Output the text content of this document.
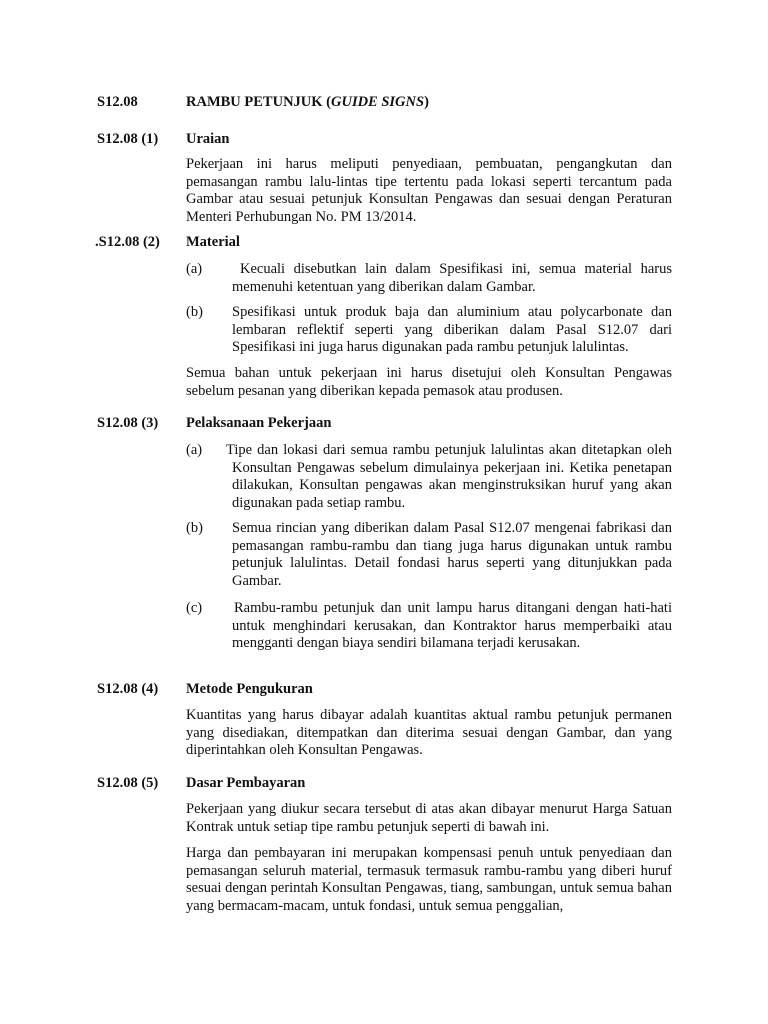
S12.08	RAMBU PETUNJUK (GUIDE SIGNS)
S12.08 (1) Uraian
Pekerjaan ini harus meliputi penyediaan, pembuatan, pengangkutan dan pemasangan rambu lalu-lintas tipe tertentu pada lokasi seperti tercantum pada Gambar atau sesuai petunjuk Konsultan Pengawas dan sesuai dengan Peraturan Menteri Perhubungan No. PM 13/2014.
.S12.08 (2) Material
(a)	Kecuali disebutkan lain dalam Spesifikasi ini, semua material harus memenuhi ketentuan yang diberikan dalam Gambar.
(b) Spesifikasi untuk produk baja dan aluminium atau polycarbonate dan lembaran reflektif seperti yang diberikan dalam Pasal S12.07 dari Spesifikasi ini juga harus digunakan pada rambu petunjuk lalulintas.
Semua bahan untuk pekerjaan ini harus disetujui oleh Konsultan Pengawas sebelum pesanan yang diberikan kepada pemasok atau produsen.
S12.08 (3) Pelaksanaan Pekerjaan
(a) Tipe dan lokasi dari semua rambu petunjuk lalulintas akan ditetapkan oleh Konsultan Pengawas sebelum dimulainya pekerjaan ini. Ketika penetapan dilakukan, Konsultan pengawas akan menginstruksikan huruf yang akan digunakan pada setiap rambu.
(b) Semua rincian yang diberikan dalam Pasal S12.07 mengenai fabrikasi dan pemasangan rambu-rambu dan tiang juga harus digunakan untuk rambu petunjuk lalulintas. Detail fondasi harus seperti yang ditunjukkan pada Gambar.
(c) Rambu-rambu petunjuk dan unit lampu harus ditangani dengan hati-hati untuk menghindari kerusakan, dan Kontraktor harus memperbaiki atau mengganti dengan biaya sendiri bilamana terjadi kerusakan.
S12.08 (4) Metode Pengukuran
Kuantitas yang harus dibayar adalah kuantitas aktual rambu petunjuk permanen yang disediakan, ditempatkan dan diterima sesuai dengan Gambar, dan yang diperintahkan oleh Konsultan Pengawas.
S12.08 (5) Dasar Pembayaran
Pekerjaan yang diukur secara tersebut di atas akan dibayar menurut Harga Satuan Kontrak untuk setiap tipe rambu petunjuk seperti di bawah ini.
Harga dan pembayaran ini merupakan kompensasi penuh untuk penyediaan dan pemasangan seluruh material, termasuk termasuk rambu-rambu yang diberi huruf sesuai dengan perintah Konsultan Pengawas, tiang, sambungan, untuk semua bahan yang bermacam-macam, untuk fondasi, untuk semua penggalian,
